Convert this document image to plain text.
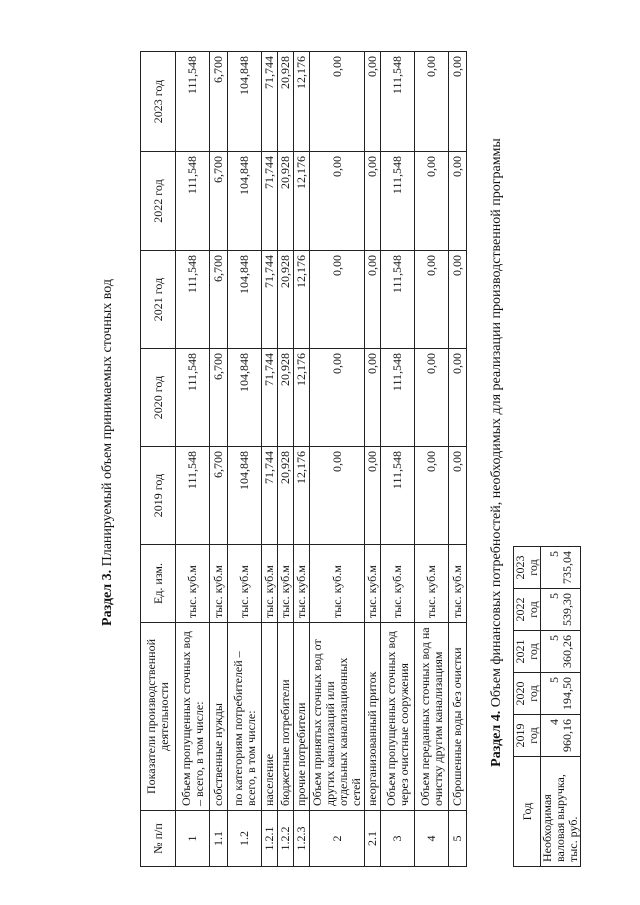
Раздел 3. Планируемый объем принимаемых сточных вод
№ п/п	Показатели производственной деятельности	Ед. изм.	2019 год	2020 год	2021 год	2022 год	2023 год
1	Объем пропущенных сточных вод – всего, в том числе:	тыс. куб.м	111,548	111,548	111,548	111,548	111,548
1.1	собственные нужды	тыс. куб.м	6,700	6,700	6,700	6,700	6,700
1.2	по категориям потребителей – всего, в том числе:	тыс. куб.м	104,848	104,848	104,848	104,848	104,848
1.2.1	население	тыс. куб.м	71,744	71,744	71,744	71,744	71,744
1.2.2	бюджетные потребители	тыс. куб.м	20,928	20,928	20,928	20,928	20,928
1.2.3	прочие потребители	тыс. куб.м	12,176	12,176	12,176	12,176	12,176
2	Объем принятых сточных вод от других канализаций или отдельных канализационных сетей	тыс. куб.м	0,00	0,00	0,00	0,00	0,00
2.1	неорганизованный приток	тыс. куб.м	0,00	0,00	0,00	0,00	0,00
3	Объем пропущенных сточных вод через очистные сооружения	тыс. куб.м	111,548	111,548	111,548	111,548	111,548
4	Объем переданных сточных вод на очистку другим канализациям	тыс. куб.м	0,00	0,00	0,00	0,00	0,00
5	Сброшенные воды без очистки	тыс. куб.м	0,00	0,00	0,00	0,00	0,00
Раздел 4. Объем финансовых потребностей, необходимых для реализации производственной программы
Год	2019 год	2020 год	2021 год	2022 год	2023 год
Необходимая валовая выручка, тыс. руб.	4 960,16	5 194,50	5 360,26	5 539,30	5 735,04
